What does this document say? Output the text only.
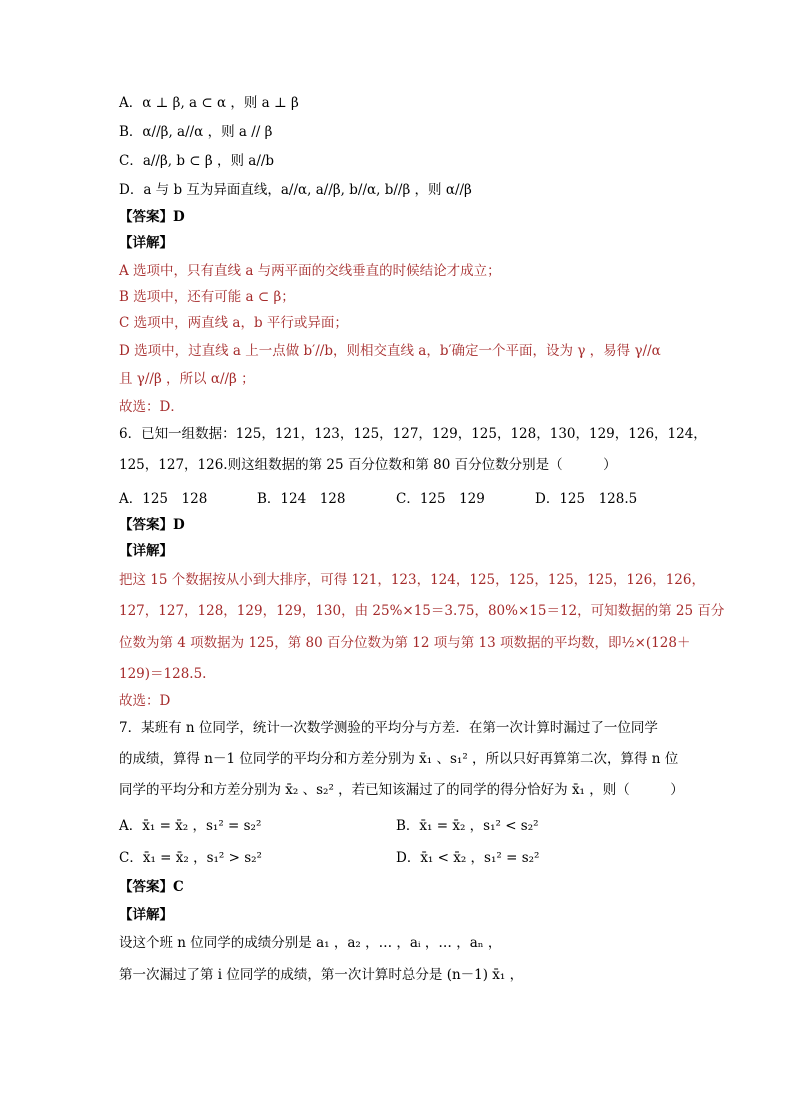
A．α ⊥ β, a ⊂ α ，则 a ⊥ β
B．α//β, a//α ，则 a // β
C．a//β, b ⊂ β ，则 a//b
D．a 与 b 互为异面直线，a//α, a//β, b//α, b//β ，则 α//β
【答案】D
【详解】
A 选项中，只有直线 a 与两平面的交线垂直的时候结论才成立；
B 选项中，还有可能 a ⊂ β；
C 选项中，两直线 a，b 平行或异面；
D 选项中，过直线 a 上一点做 b′//b，则相交直线 a，b′确定一个平面，设为 γ ，易得 γ//α
且 γ//β ，所以 α//β ；
故选：D．
6．已知一组数据：125，121，123，125，127，129，125，128，130，129，126，124，
125，127，126.则这组数据的第 25 百分位数和第 80 百分位数分别是（　　　）
A．125　128	B．124　128	C．125　129	D．125　128.5
【答案】D
【详解】
把这 15 个数据按从小到大排序，可得 121，123，124，125，125，125，125，126，126，
127，127，128，129，129，130，由 25%×15＝3.75，80%×15＝12，可知数据的第 25 百分
位数为第 4 项数据为 125，第 80 百分位数为第 12 项与第 13 项数据的平均数，即½×(128＋
129)＝128.5.
故选：D
7．某班有 n 位同学，统计一次数学测验的平均分与方差．在第一次计算时漏过了一位同学
的成绩，算得 n－1 位同学的平均分和方差分别为 x̄₁ 、s₁² ，所以只好再算第二次，算得 n 位
同学的平均分和方差分别为 x̄₂ 、s₂² ，若已知该漏过了的同学的得分恰好为 x̄₁ ，则（　　　）
A．x̄₁ = x̄₂ ，s₁² = s₂²	B．x̄₁ = x̄₂ ，s₁² < s₂²
C．x̄₁ = x̄₂ ，s₁² > s₂²	D．x̄₁ < x̄₂ ，s₁² = s₂²
【答案】C
【详解】
设这个班 n 位同学的成绩分别是 a₁ ，a₂ ，… ，aᵢ ，… ，aₙ ，
第一次漏过了第 i 位同学的成绩，第一次计算时总分是 (n－1) x̄₁ ，
